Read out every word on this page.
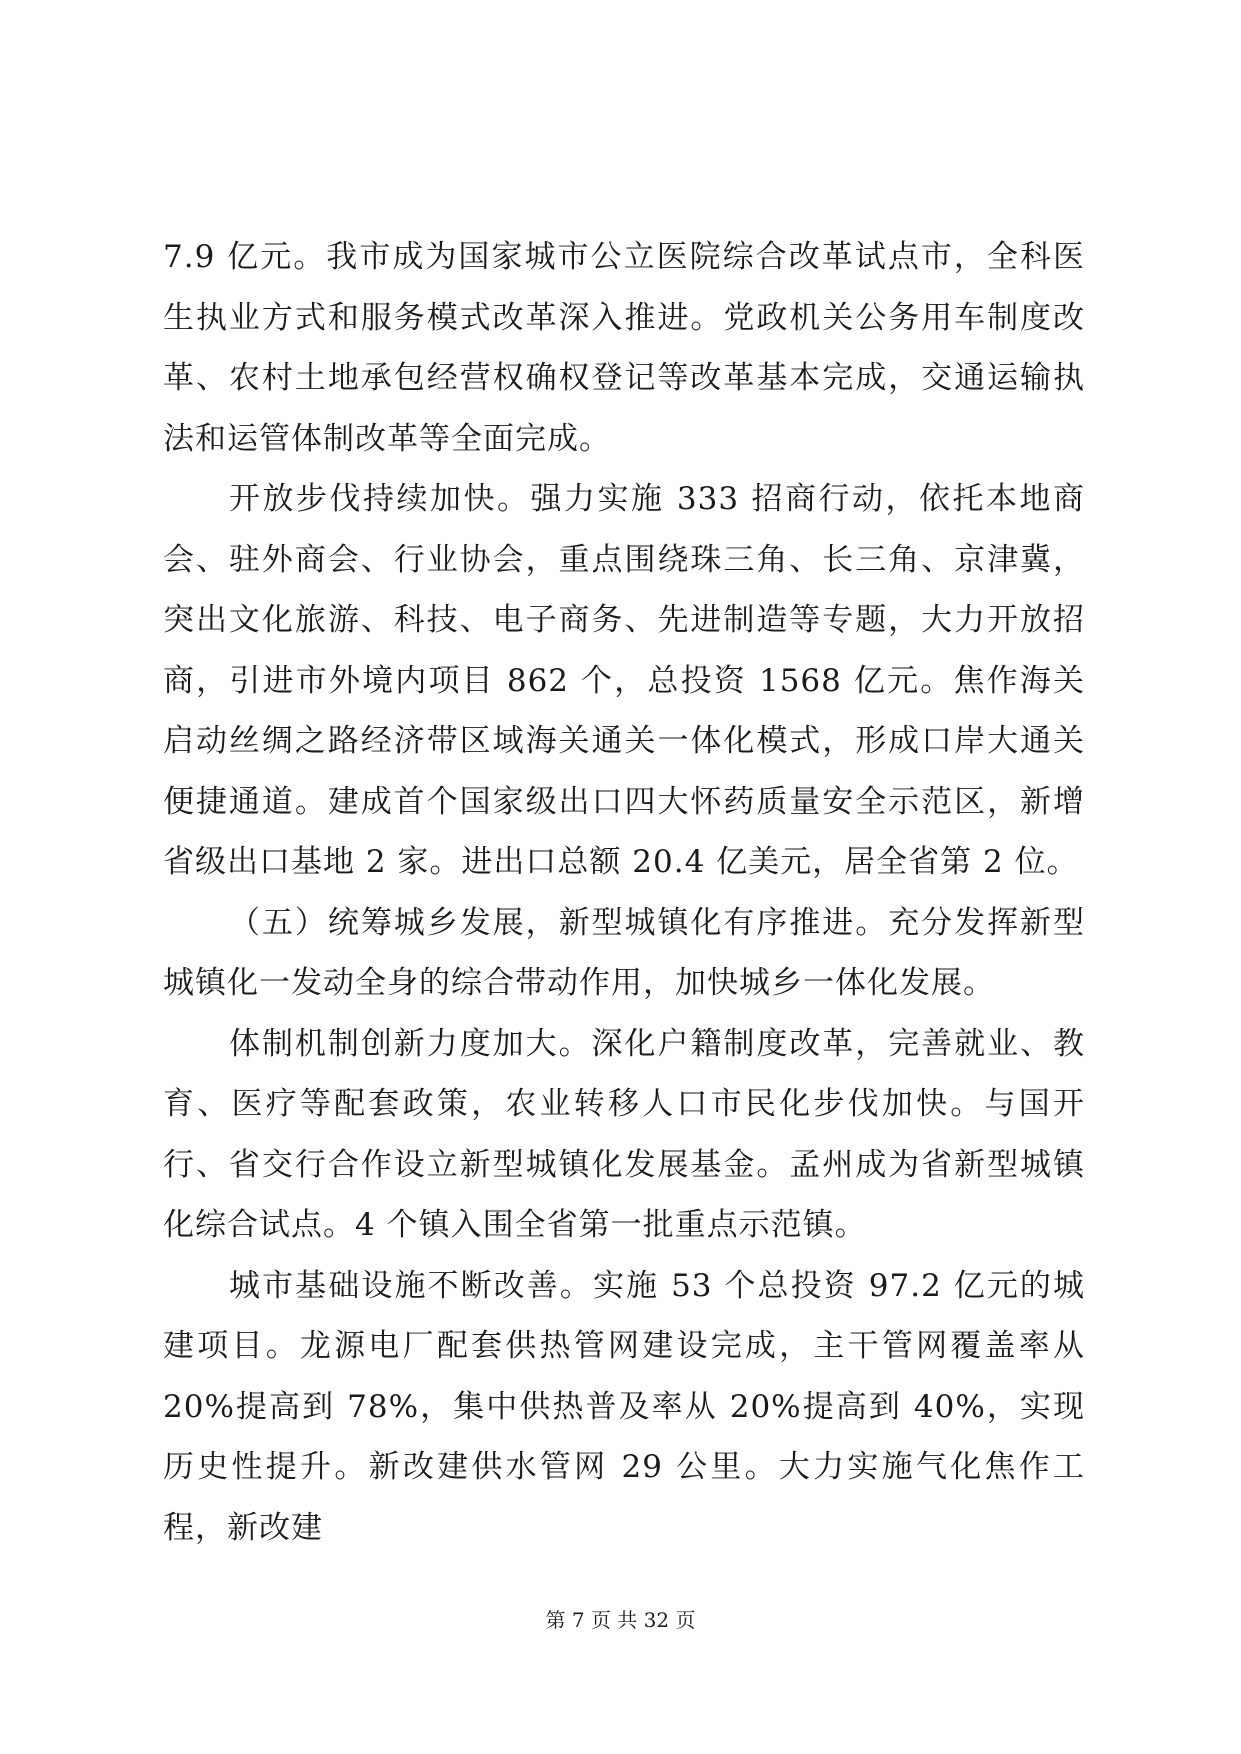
7.9 亿元。我市成为国家城市公立医院综合改革试点市，全科医生执业方式和服务模式改革深入推进。党政机关公务用车制度改革、农村土地承包经营权确权登记等改革基本完成，交通运输执法和运管体制改革等全面完成。

开放步伐持续加快。强力实施 333 招商行动，依托本地商会、驻外商会、行业协会，重点围绕珠三角、长三角、京津冀，突出文化旅游、科技、电子商务、先进制造等专题，大力开放招商，引进市外境内项目 862 个，总投资 1568 亿元。焦作海关启动丝绸之路经济带区域海关通关一体化模式，形成口岸大通关便捷通道。建成首个国家级出口四大怀药质量安全示范区，新增省级出口基地 2 家。进出口总额 20.4 亿美元，居全省第 2 位。

（五）统筹城乡发展，新型城镇化有序推进。充分发挥新型城镇化一发动全身的综合带动作用，加快城乡一体化发展。

体制机制创新力度加大。深化户籍制度改革，完善就业、教育、医疗等配套政策，农业转移人口市民化步伐加快。与国开行、省交行合作设立新型城镇化发展基金。孟州成为省新型城镇化综合试点。4 个镇入围全省第一批重点示范镇。

城市基础设施不断改善。实施 53 个总投资 97.2 亿元的城建项目。龙源电厂配套供热管网建设完成，主干管网覆盖率从 20%提高到 78%，集中供热普及率从 20%提高到 40%，实现历史性提升。新改建供水管网 29 公里。大力实施气化焦作工程，新改建

第 7 页 共 32 页
